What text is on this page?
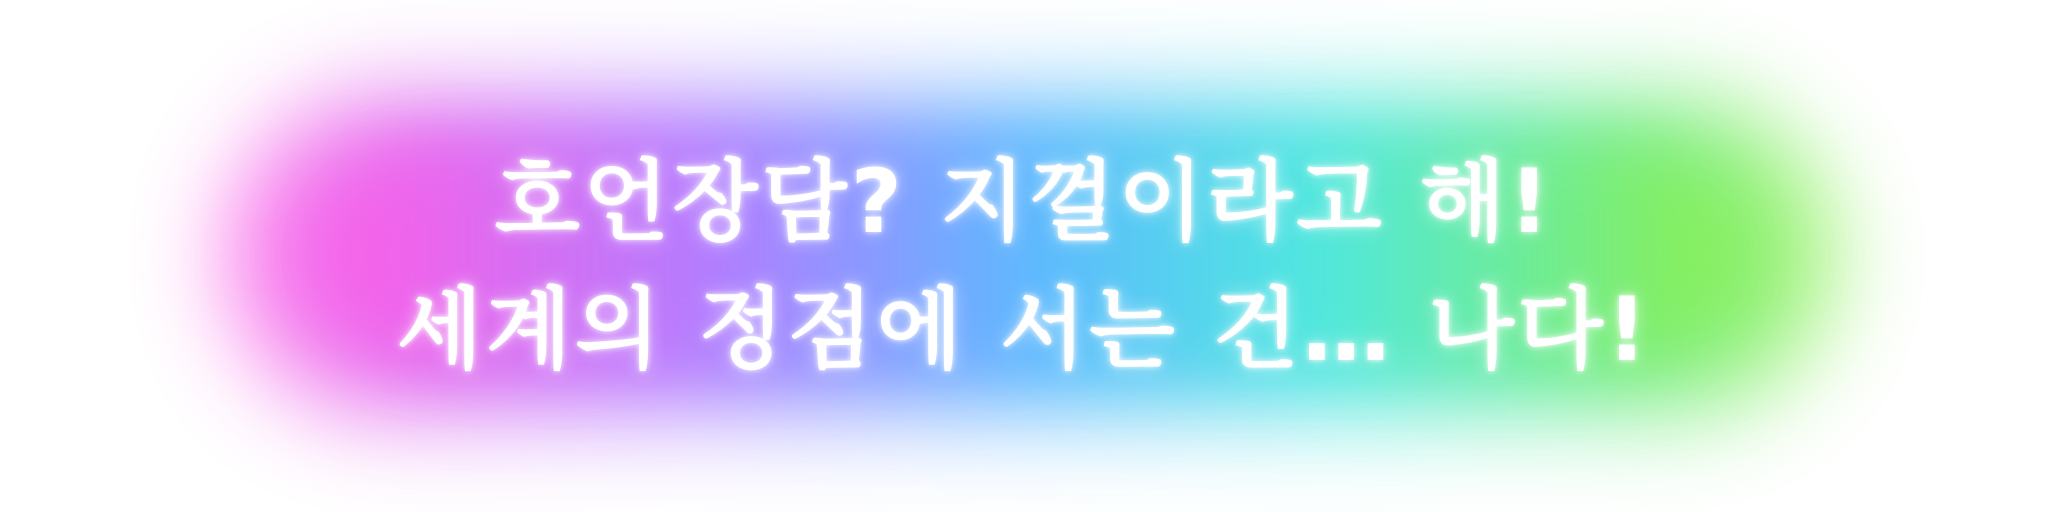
호언장담? 지껄이라고 해!
세계의 정점에 서는 건… 나다!
